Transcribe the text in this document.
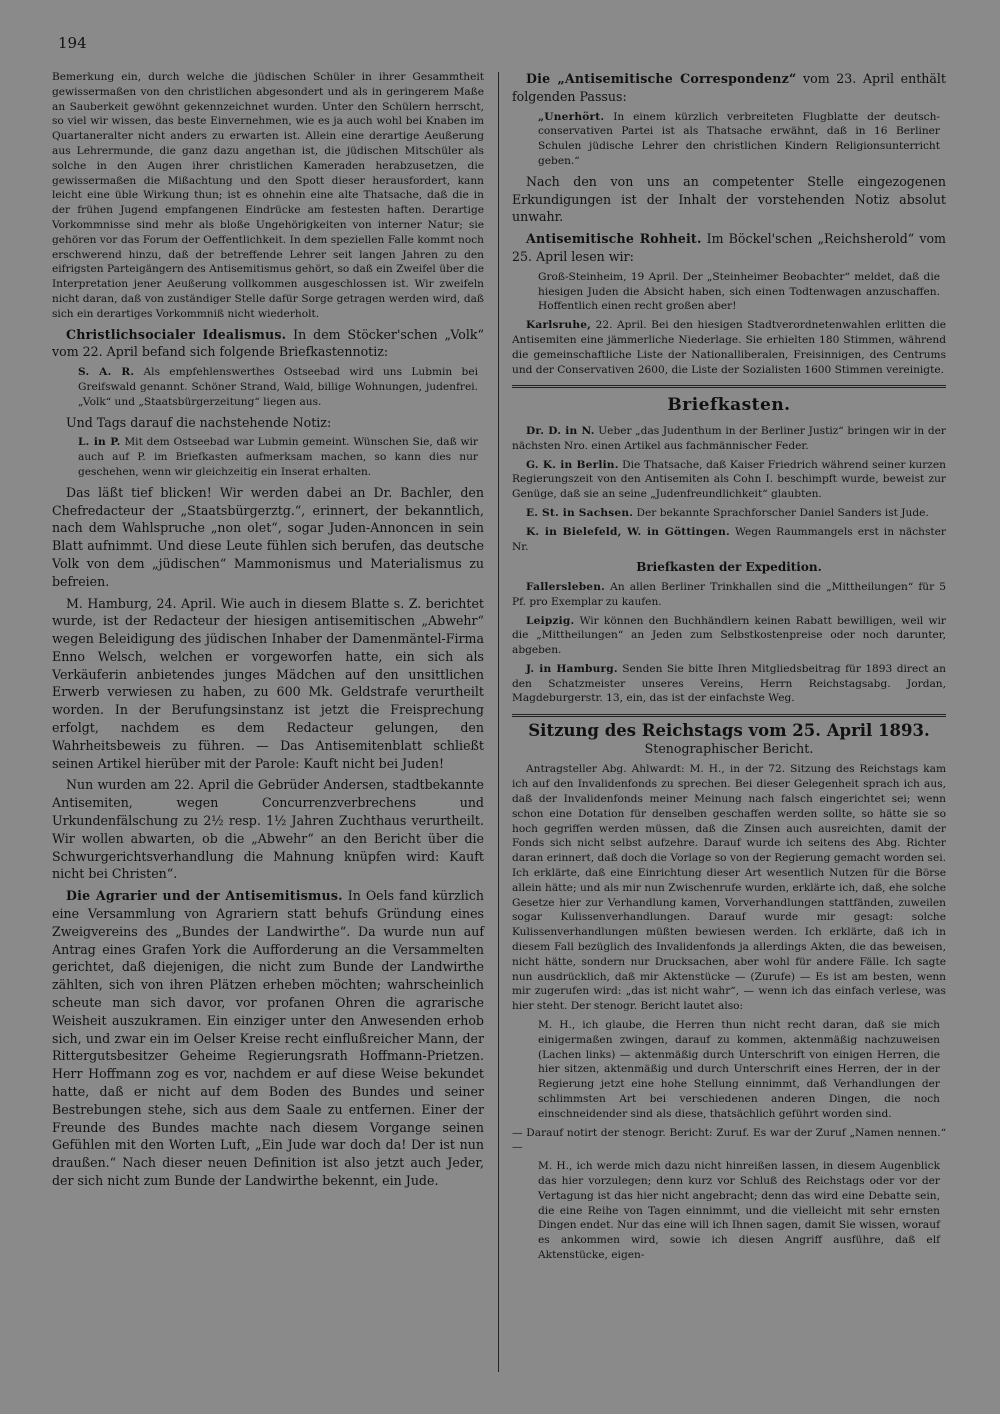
194

Bemerkung ein, durch welche die jüdischen Schüler in ihrer Gesammtheit gewissermaßen von den christlichen abgesondert und als in geringerem Maße an Sauberkeit gewöhnt gekennzeichnet wurden. Unter den Schülern herrscht, so viel wir wissen, das beste Einvernehmen, wie es ja auch wohl bei Knaben im Quartaneralter nicht anders zu erwarten ist. Allein eine derartige Aeußerung aus Lehrermunde, die ganz dazu angethan ist, die jüdischen Mitschüler als solche in den Augen ihrer christlichen Kameraden herabzusetzen, die gewissermaßen die Mißachtung und den Spott dieser herausfordert, kann leicht eine üble Wirkung thun; ist es ohnehin eine alte Thatsache, daß die in der frühen Jugend empfangenen Eindrücke am festesten haften. Derartige Vorkommnisse sind mehr als bloße Ungehörigkeiten von interner Natur; sie gehören vor das Forum der Oeffentlichkeit. In dem speziellen Falle kommt noch erschwerend hinzu, daß der betreffende Lehrer seit langen Jahren zu den eifrigsten Parteigängern des Antisemitismus gehört, so daß ein Zweifel über die Interpretation jener Aeußerung vollkommen ausgeschlossen ist. Wir zweifeln nicht daran, daß von zuständiger Stelle dafür Sorge getragen werden wird, daß sich ein derartiges Vorkommniß nicht wiederholt.

Christlichsocialer Idealismus. In dem Stöcker'schen „Volk“ vom 22. April befand sich folgende Briefkastennotiz:

S. A. R. Als empfehlenswerthes Ostseebad wird uns Lubmin bei Greifswald genannt. Schöner Strand, Wald, billige Wohnungen, judenfrei. „Volk“ und „Staatsbürgerzeitung“ liegen aus.

Und Tags darauf die nachstehende Notiz:

L. in P. Mit dem Ostseebad war Lubmin gemeint. Wünschen Sie, daß wir auch auf P. im Briefkasten aufmerksam machen, so kann dies nur geschehen, wenn wir gleichzeitig ein Inserat erhalten.

Das läßt tief blicken! Wir werden dabei an Dr. Bachler, den Chefredacteur der „Staatsbürgerztg.“, erinnert, der bekanntlich, nach dem Wahlspruche „non olet“, sogar Juden-Annoncen in sein Blatt aufnimmt. Und diese Leute fühlen sich berufen, das deutsche Volk von dem „jüdischen“ Mammonismus und Materialismus zu befreien.

M. Hamburg, 24. April. Wie auch in diesem Blatte s. Z. berichtet wurde, ist der Redacteur der hiesigen antisemitischen „Abwehr“ wegen Beleidigung des jüdischen Inhaber der Damenmäntel-Firma Enno Welsch, welchen er vorgeworfen hatte, ein sich als Verkäuferin anbietendes junges Mädchen auf den unsittlichen Erwerb verwiesen zu haben, zu 600 Mk. Geldstrafe verurtheilt worden. In der Berufungsinstanz ist jetzt die Freisprechung erfolgt, nachdem es dem Redacteur gelungen, den Wahrheitsbeweis zu führen. — Das Antisemitenblatt schließt seinen Artikel hierüber mit der Parole: Kauft nicht bei Juden!

Nun wurden am 22. April die Gebrüder Andersen, stadtbekannte Antisemiten, wegen Concurrenzverbrechens und Urkundenfälschung zu 2½ resp. 1½ Jahren Zuchthaus verurtheilt. Wir wollen abwarten, ob die „Abwehr“ an den Bericht über die Schwurgerichtsverhandlung die Mahnung knüpfen wird: Kauft nicht bei Christen“.

Die Agrarier und der Antisemitismus. In Oels fand kürzlich eine Versammlung von Agrariern statt behufs Gründung eines Zweigvereins des „Bundes der Landwirthe“. Da wurde nun auf Antrag eines Grafen York die Aufforderung an die Versammelten gerichtet, daß diejenigen, die nicht zum Bunde der Landwirthe zählten, sich von ihren Plätzen erheben möchten; wahrscheinlich scheute man sich davor, vor profanen Ohren die agrarische Weisheit auszukramen. Ein einziger unter den Anwesenden erhob sich, und zwar ein im Oelser Kreise recht einflußreicher Mann, der Rittergutsbesitzer Geheime Regierungsrath Hoffmann-Prietzen. Herr Hoffmann zog es vor, nachdem er auf diese Weise bekundet hatte, daß er nicht auf dem Boden des Bundes und seiner Bestrebungen stehe, sich aus dem Saale zu entfernen. Einer der Freunde des Bundes machte nach diesem Vorgange seinen Gefühlen mit den Worten Luft, „Ein Jude war doch da! Der ist nun draußen.“ Nach dieser neuen Definition ist also jetzt auch Jeder, der sich nicht zum Bunde der Landwirthe bekennt, ein Jude.

Die „Antisemitische Correspondenz“ vom 23. April enthält folgenden Passus:

„Unerhört. In einem kürzlich verbreiteten Flugblatte der deutsch-conservativen Partei ist als Thatsache erwähnt, daß in 16 Berliner Schulen jüdische Lehrer den christlichen Kindern Religionsunterricht geben.“

Nach den von uns an competenter Stelle eingezogenen Erkundigungen ist der Inhalt der vorstehenden Notiz absolut unwahr.

Antisemitische Rohheit. Im Böckel'schen „Reichsherold“ vom 25. April lesen wir:

Groß-Steinheim, 19 April. Der „Steinheimer Beobachter“ meldet, daß die hiesigen Juden die Absicht haben, sich einen Todtenwagen anzuschaffen. Hoffentlich einen recht großen aber!

Karlsruhe, 22. April. Bei den hiesigen Stadtverordnetenwahlen erlitten die Antisemiten eine jämmerliche Niederlage. Sie erhielten 180 Stimmen, während die gemeinschaftliche Liste der Nationalliberalen, Freisinnigen, des Centrums und der Conservativen 2600, die Liste der Sozialisten 1600 Stimmen vereinigte.

Briefkasten.

Dr. D. in N. Ueber „das Judenthum in der Berliner Justiz“ bringen wir in der nächsten Nro. einen Artikel aus fachmännischer Feder.

G. K. in Berlin. Die Thatsache, daß Kaiser Friedrich während seiner kurzen Regierungszeit von den Antisemiten als Cohn I. beschimpft wurde, beweist zur Genüge, daß sie an seine „Judenfreundlichkeit“ glaubten.

E. St. in Sachsen. Der bekannte Sprachforscher Daniel Sanders ist Jude.

K. in Bielefeld, W. in Göttingen. Wegen Raummangels erst in nächster Nr.

Briefkasten der Expedition.

Fallersleben. An allen Berliner Trinkhallen sind die „Mittheilungen“ für 5 Pf. pro Exemplar zu kaufen.

Leipzig. Wir können den Buchhändlern keinen Rabatt bewilligen, weil wir die „Mittheilungen“ an Jeden zum Selbstkostenpreise oder noch darunter, abgeben.

J. in Hamburg. Senden Sie bitte Ihren Mitgliedsbeitrag für 1893 direct an den Schatzmeister unseres Vereins, Herrn Reichstagsabg. Jordan, Magdeburgerstr. 13, ein, das ist der einfachste Weg.

Sitzung des Reichstags vom 25. April 1893.
Stenographischer Bericht.

Antragsteller Abg. Ahlwardt: M. H., in der 72. Sitzung des Reichstags kam ich auf den Invalidenfonds zu sprechen. Bei dieser Gelegenheit sprach ich aus, daß der Invalidenfonds meiner Meinung nach falsch eingerichtet sei; wenn schon eine Dotation für denselben geschaffen werden sollte, so hätte sie so hoch gegriffen werden müssen, daß die Zinsen auch ausreichten, damit der Fonds sich nicht selbst aufzehre. Darauf wurde ich seitens des Abg. Richter daran erinnert, daß doch die Vorlage so von der Regierung gemacht worden sei. Ich erklärte, daß eine Einrichtung dieser Art wesentlich Nutzen für die Börse allein hätte; und als mir nun Zwischenrufe wurden, erklärte ich, daß, ehe solche Gesetze hier zur Verhandlung kamen, Vorverhandlungen stattfänden, zuweilen sogar Kulissenverhandlungen. Darauf wurde mir gesagt: solche Kulissenverhandlungen müßten bewiesen werden. Ich erklärte, daß ich in diesem Fall bezüglich des Invalidenfonds ja allerdings Akten, die das beweisen, nicht hätte, sondern nur Drucksachen, aber wohl für andere Fälle. Ich sagte nun ausdrücklich, daß mir Aktenstücke — (Zurufe) — Es ist am besten, wenn mir zugerufen wird: „das ist nicht wahr“, — wenn ich das einfach verlese, was hier steht. Der stenogr. Bericht lautet also:

M. H., ich glaube, die Herren thun nicht recht daran, daß sie mich einigermaßen zwingen, darauf zu kommen, aktenmäßig nachzuweisen (Lachen links) — aktenmäßig durch Unterschrift von einigen Herren, die hier sitzen, aktenmäßig und durch Unterschrift eines Herren, der in der Regierung jetzt eine hohe Stellung einnimmt, daß Verhandlungen der schlimmsten Art bei verschiedenen anderen Dingen, die noch einschneidender sind als diese, thatsächlich geführt worden sind.

— Darauf notirt der stenogr. Bericht: Zuruf. Es war der Zuruf „Namen nennen.“ —

M. H., ich werde mich dazu nicht hinreißen lassen, in diesem Augenblick das hier vorzulegen; denn kurz vor Schluß des Reichstags oder vor der Vertagung ist das hier nicht angebracht; denn das wird eine Debatte sein, die eine Reihe von Tagen einnimmt, und die vielleicht mit sehr ernsten Dingen endet. Nur das eine will ich Ihnen sagen, damit Sie wissen, worauf es ankommen wird, sowie ich diesen Angriff ausführe, daß elf Aktenstücke, eigen-
